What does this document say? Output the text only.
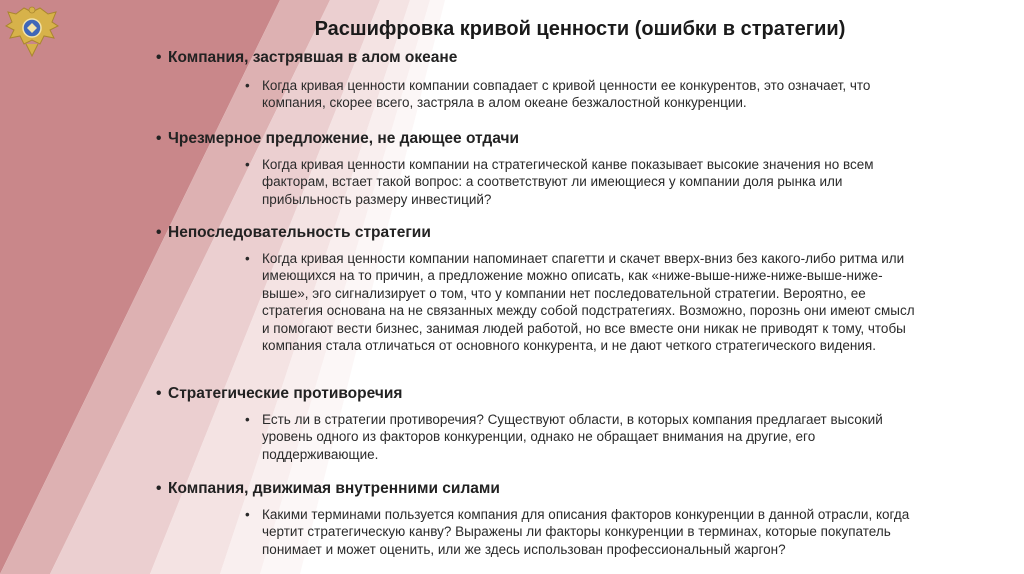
Расшифровка кривой ценности (ошибки в стратегии)
• Компания, застрявшая в алом океане
• Когда кривая ценности компании совпадает с кривой ценности ее конкурентов, это означает, что компания, скорее всего, застряла в алом океане безжалостной конкуренции.
• Чрезмерное предложение, не дающее отдачи
• Когда кривая ценности компании на стратегической канве показывает высокие значения но всем факторам, встает такой вопрос: а соответствуют ли имеющиеся у компании доля рынка или прибыльность размеру инвестиций?
• Непоследовательность стратегии
• Когда кривая ценности компании напоминает спагетти и скачет вверх-вниз без какого-либо ритма или имеющихся на то причин, а предложение можно описать, как «ниже-выше-ниже-ниже-выше-ниже-выше», эго сигнализирует о том, что у компании нет последовательной стратегии. Вероятно, ее стратегия основана на не связанных между собой подстратегиях. Возможно, порознь они имеют смысл и помогают вести бизнес, занимая людей работой, но все вместе они никак не приводят к тому, чтобы компания стала отличаться от основного конкурента, и не дают четкого стратегического видения.
• Стратегические противоречия
• Есть ли в стратегии противоречия? Существуют области, в которых компания предлагает высокий уровень одного из факторов конкуренции, однако не обращает внимания на другие, его поддерживающие.
• Компания, движимая внутренними силами
• Какими терминами пользуется компания для описания факторов конкуренции в данной отрасли, когда чертит стратегическую канву? Выражены ли факторы конкуренции в терминах, которые покупатель понимает и может оценить, или же здесь использован профессиональный жаргон?
